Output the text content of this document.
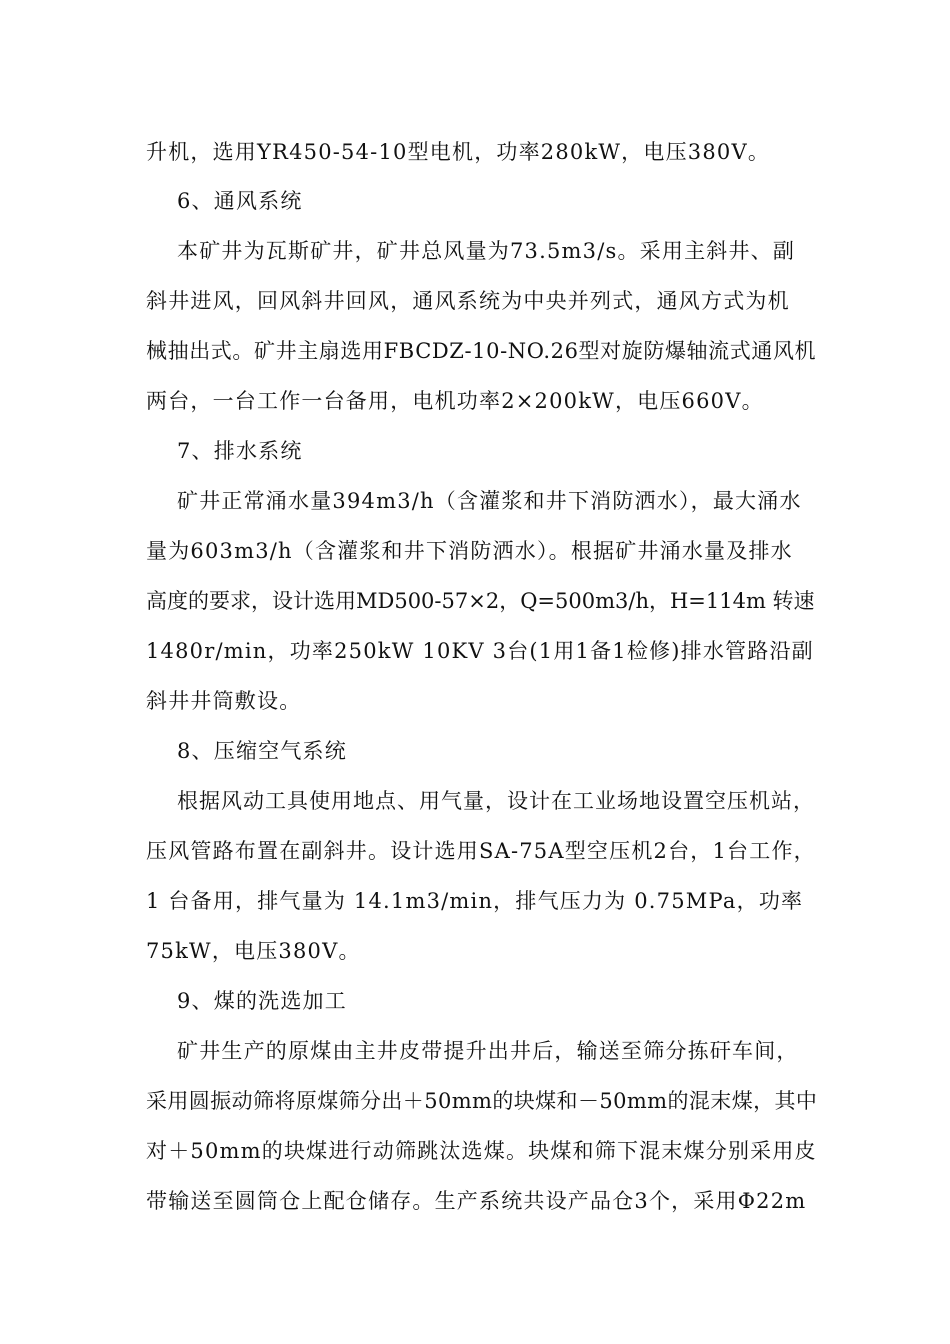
升机，选用YR450-54-10型电机，功率280kW，电压380V。
6、通风系统
本矿井为瓦斯矿井，矿井总风量为73.5m3/s。采用主斜井、副
斜井进风，回风斜井回风，通风系统为中央并列式，通风方式为机
械抽出式。矿井主扇选用FBCDZ-10-NO.26型对旋防爆轴流式通风机
两台，一台工作一台备用，电机功率2×200kW，电压660V。
7、排水系统
矿井正常涌水量394m3/h（含灌浆和井下消防洒水），最大涌水
量为603m3/h（含灌浆和井下消防洒水）。根据矿井涌水量及排水
高度的要求，设计选用MD500-57×2，Q=500m3/h，H=114m 转速
1480r/min，功率250kW 10KV 3台(1用1备1检修)排水管路沿副
斜井井筒敷设。
8、压缩空气系统
根据风动工具使用地点、用气量，设计在工业场地设置空压机站，
压风管路布置在副斜井。设计选用SA-75A型空压机2台，1台工作，
1 台备用，排气量为 14.1m3/min，排气压力为 0.75MPa，功率
75kW，电压380V。
9、煤的洗选加工
矿井生产的原煤由主井皮带提升出井后，输送至筛分拣矸车间，
采用圆振动筛将原煤筛分出＋50mm的块煤和－50mm的混末煤，其中
对＋50mm的块煤进行动筛跳汰选煤。块煤和筛下混末煤分别采用皮
带输送至圆筒仓上配仓储存。生产系统共设产品仓3个，采用Φ22m
